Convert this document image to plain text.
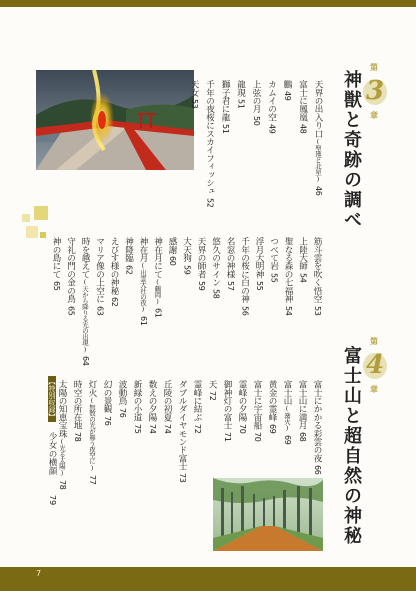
第
3
章
神獣と奇跡の調べ
天界の出入り口(聖地と北星)46
富士に鳳凰48
鵬49
カムイの空49
上弦の月50
龍現51
獅子君に龍51
千年の夜桜にスカイフィッシュ52
天女53
筋斗雲を吹く悟空53
上陸大師54
聖なる森の七福神54
つべて岩55
浮月大明神55
千年の桜に白の神56
名窓の神様57
悠久のサイン58
天界の師者59
大天狗59
感謝60
神在月にて(鶴岡)61
神在月(出雲大社の夜)61
神降臨62
えびす様の神秘62
マリア像の上空に63
時を越えて(天から降りる光の出現)64
守礼の門の金の鳥65
神の島にて65
第
4
章
富士山と超自然の神秘
富士にかかる彩雲の夜66
富士山に満月68
富士山(篝火)69
黄金の霊峰69
富士に宇宙船70
霊峰の夕陽70
御神灯の富士71
天72
霊峰に結ぶ72
ダブルダイヤモンド富士73
丘陵の初夏74
数えの夕陽74
新緑の小道75
波動鳥76
幻の景観76
灯火(無数の光が舞う夜空に)77
時空の所在地78
太陽の知恵宝珠(光る太陽)78
【特別収録】 少女の横顔 79
7
